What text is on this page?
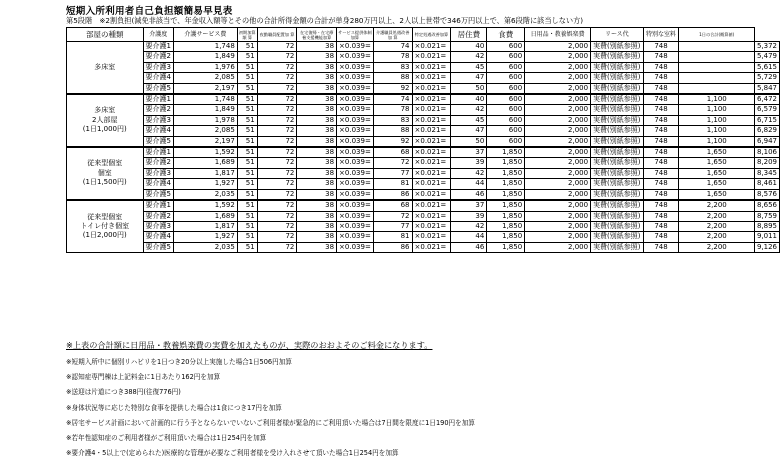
短期入所利用者自己負担額簡易早見表
第5段階　※2割負担(減免非該当で、年金収入額等とその他の合計所得金額の合計が単身280万円以上、2人以上世帯で346万円以上で、第6段階に該当しない方)
部屋の種類	介護度	介護サービス費	初期加算額 算	夜勤職員配置加 算	在宅復帰・在宅療養支援機能加算	サービス提供体制加算	介護職員処遇改善加 算	特定処遇改善加算	居住費	食費	日用品・教養娯楽費	リース代	特別な室料	1日の合計(概算値)	
多床室	要介護1	1,748	51	72	38	×0.039=	74	×0.021=	40	600	2,000	実費(別紙参照)	748		5,372
	要介護2	1,849	51	72	38	×0.039=	78	×0.021=	42	600	2,000	実費(別紙参照)	748		5,479
	要介護3	1,976	51	72	38	×0.039=	83	×0.021=	45	600	2,000	実費(別紙参照)	748		5,615
	要介護4	2,085	51	72	38	×0.039=	88	×0.021=	47	600	2,000	実費(別紙参照)	748		5,729
	要介護5	2,197	51	72	38	×0.039=	92	×0.021=	50	600	2,000	実費(別紙参照)	748		5,847
多床室
2人部屋
(1日1,000円)	要介護1	1,748	51	72	38	×0.039=	74	×0.021=	40	600	2,000	実費(別紙参照)	748	1,100	6,472
	要介護2	1,849	51	72	38	×0.039=	78	×0.021=	42	600	2,000	実費(別紙参照)	748	1,100	6,579
	要介護3	1,978	51	72	38	×0.039=	83	×0.021=	45	600	2,000	実費(別紙参照)	748	1,100	6,715
	要介護4	2,085	51	72	38	×0.039=	88	×0.021=	47	600	2,000	実費(別紙参照)	748	1,100	6,829
	要介護5	2,197	51	72	38	×0.039=	92	×0.021=	50	600	2,000	実費(別紙参照)	748	1,100	6,947
従来型個室
個室
(1日1,500円)	要介護1	1,592	51	72	38	×0.039=	68	×0.021=	37	1,850	2,000	実費(別紙参照)	748	1,650	8,106
	要介護2	1,689	51	72	38	×0.039=	72	×0.021=	39	1,850	2,000	実費(別紙参照)	748	1,650	8,209
	要介護3	1,817	51	72	38	×0.039=	77	×0.021=	42	1,850	2,000	実費(別紙参照)	748	1,650	8,345
	要介護4	1,927	51	72	38	×0.039=	81	×0.021=	44	1,850	2,000	実費(別紙参照)	748	1,650	8,461
	要介護5	2,035	51	72	38	×0.039=	86	×0.021=	46	1,850	2,000	実費(別紙参照)	748	1,650	8,576
従来型個室
トイレ付き個室
(1日2,000円)	要介護1	1,592	51	72	38	×0.039=	68	×0.021=	37	1,850	2,000	実費(別紙参照)	748	2,200	8,656
	要介護2	1,689	51	72	38	×0.039=	72	×0.021=	39	1,850	2,000	実費(別紙参照)	748	2,200	8,759
	要介護3	1,817	51	72	38	×0.039=	77	×0.021=	42	1,850	2,000	実費(別紙参照)	748	2,200	8,895
	要介護4	1,927	51	72	38	×0.039=	81	×0.021=	44	1,850	2,000	実費(別紙参照)	748	2,200	9,011
	要介護5	2,035	51	72	38	×0.039=	86	×0.021=	46	1,850	2,000	実費(別紙参照)	748	2,200	9,126
※上表の合計額に日用品・教養娯楽費の実費を加えたものが、実際のおおよそのご料金になります。
※短期入所中に個別リハビリを1日つき20分以上実施した場合1日506円加算
※認知症専門棟は上記料金に1日あたり162円を加算
※送迎は片道につき388円(往復776円)
※身体状況等に応じた特別な食事を提供した場合は1食につき17円を加算
※居宅サービス計画において計画的に行う予とならないでいないご利用者様が緊急的にご利用頂いた場合は7日間を限度に1日190円を加算
※若年性認知症のご利用者様がご利用頂いた場合は1日254円を加算
※要介護4・5以上で(定められた)医療的な管理が必要なご利用者様を受け入れさせて頂いた場合1日254円を加算
